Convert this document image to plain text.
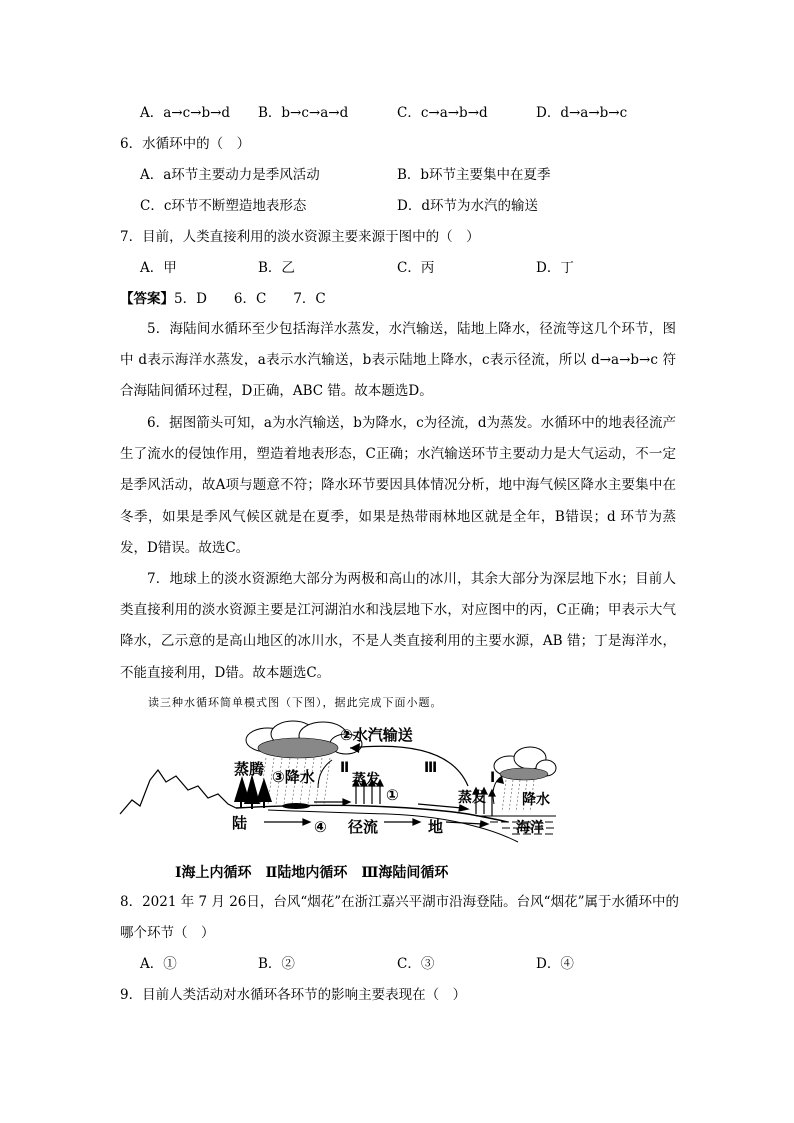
A．a→c→b→d B．b→c→a→d	C．c→a→b→d	D．d→a→b→c
6．水循环中的（　）
A．a环节主要动力是季风活动	B．b环节主要集中在夏季
C．c环节不断塑造地表形态	D．d环节为水汽的输送
7．目前，人类直接利用的淡水资源主要来源于图中的（　）
A．甲	B．乙	C．丙	D．丁
【答案】5．D　　6．C　　7．C
5．海陆间水循环至少包括海洋水蒸发，水汽输送，陆地上降水，径流等这几个环节，图中 d表示海洋水蒸发，a表示水汽输送，b表示陆地上降水，c表示径流，所以 d→a→b→c 符合海陆间循环过程，D正确，ABC 错。故本题选D。
6．据图箭头可知，a为水汽输送，b为降水，c为径流，d为蒸发。水循环中的地表径流产生了流水的侵蚀作用，塑造着地表形态，C正确；水汽输送环节主要动力是大气运动，不一定是季风活动，故A项与题意不符；降水环节要因具体情况分析，地中海气候区降水主要集中在冬季，如果是季风气候区就是在夏季，如果是热带雨林地区就是全年，B错误；d 环节为蒸发，D错误。故选C。
7．地球上的淡水资源绝大部分为两极和高山的冰川，其余大部分为深层地下水；目前人类直接利用的淡水资源主要是江河湖泊水和浅层地下水，对应图中的丙，C正确；甲表示大气降水，乙示意的是高山地区的冰川水，不是人类直接利用的主要水源，AB 错；丁是海洋水，不能直接利用，D错。故本题选C。
读三种水循环简单模式图（下图），据此完成下面小题。
②水汽输送
蒸腾 ③降水 Ⅱ
蒸发
①
Ⅲ
Ⅰ
蒸发	降水
陆	④ 径流	地	海洋
Ⅰ海上内循环　Ⅱ陆地内循环　Ⅲ海陆间循环
8．2021 年 7 月 26日，台风“烟花”在浙江嘉兴平湖市沿海登陆。台风“烟花”属于水循环中的
哪个环节（　）
A．①	B．②	C．③	D．④
9．目前人类活动对水循环各环节的影响主要表现在（　）
